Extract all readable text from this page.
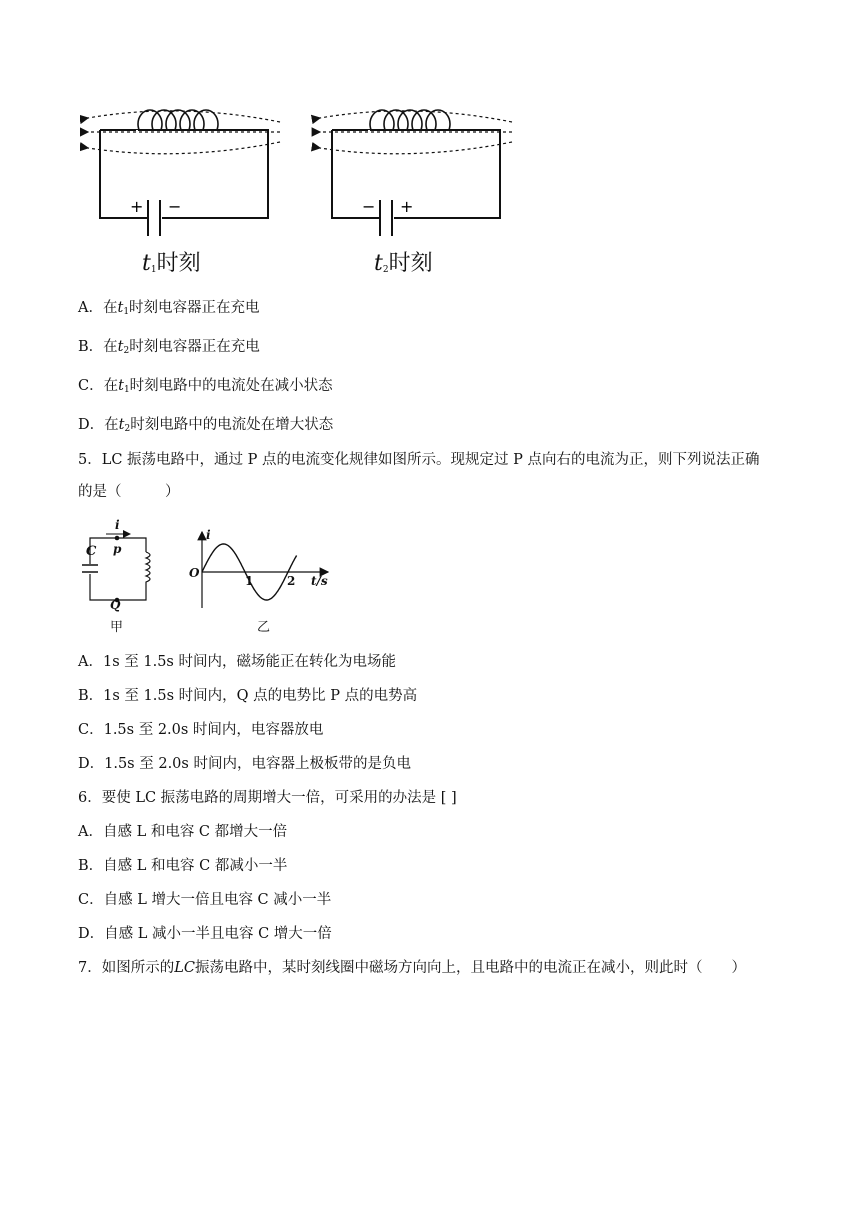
+ −	− +
$t_1$时刻	$t_2$时刻
A．在$t_1$时刻电容器正在充电
B．在$t_2$时刻电容器正在充电
C．在$t_1$时刻电路中的电流处在减小状态
D．在$t_2$时刻电路中的电流处在增大状态
5．LC 振荡电路中，通过 P 点的电流变化规律如图所示。现规定过 P 点向右的电流为正，则下列说法正确
的是（　　　）
i
C p
Q
甲
i
O
1	2 t/s
乙
A．1s 至 1.5s 时间内，磁场能正在转化为电场能
B．1s 至 1.5s 时间内，Q 点的电势比 P 点的电势高
C．1.5s 至 2.0s 时间内，电容器放电
D．1.5s 至 2.0s 时间内，电容器上极板带的是负电
6．要使 LC 振荡电路的周期增大一倍，可采用的办法是 [ ]
A．自感 L 和电容 C 都增大一倍
B．自感 L 和电容 C 都减小一半
C．自感 L 增大一倍且电容 C 减小一半
D．自感 L 减小一半且电容 C 增大一倍
7．如图所示的LC振荡电路中，某时刻线圈中磁场方向向上，且电路中的电流正在减小，则此时（　　）
